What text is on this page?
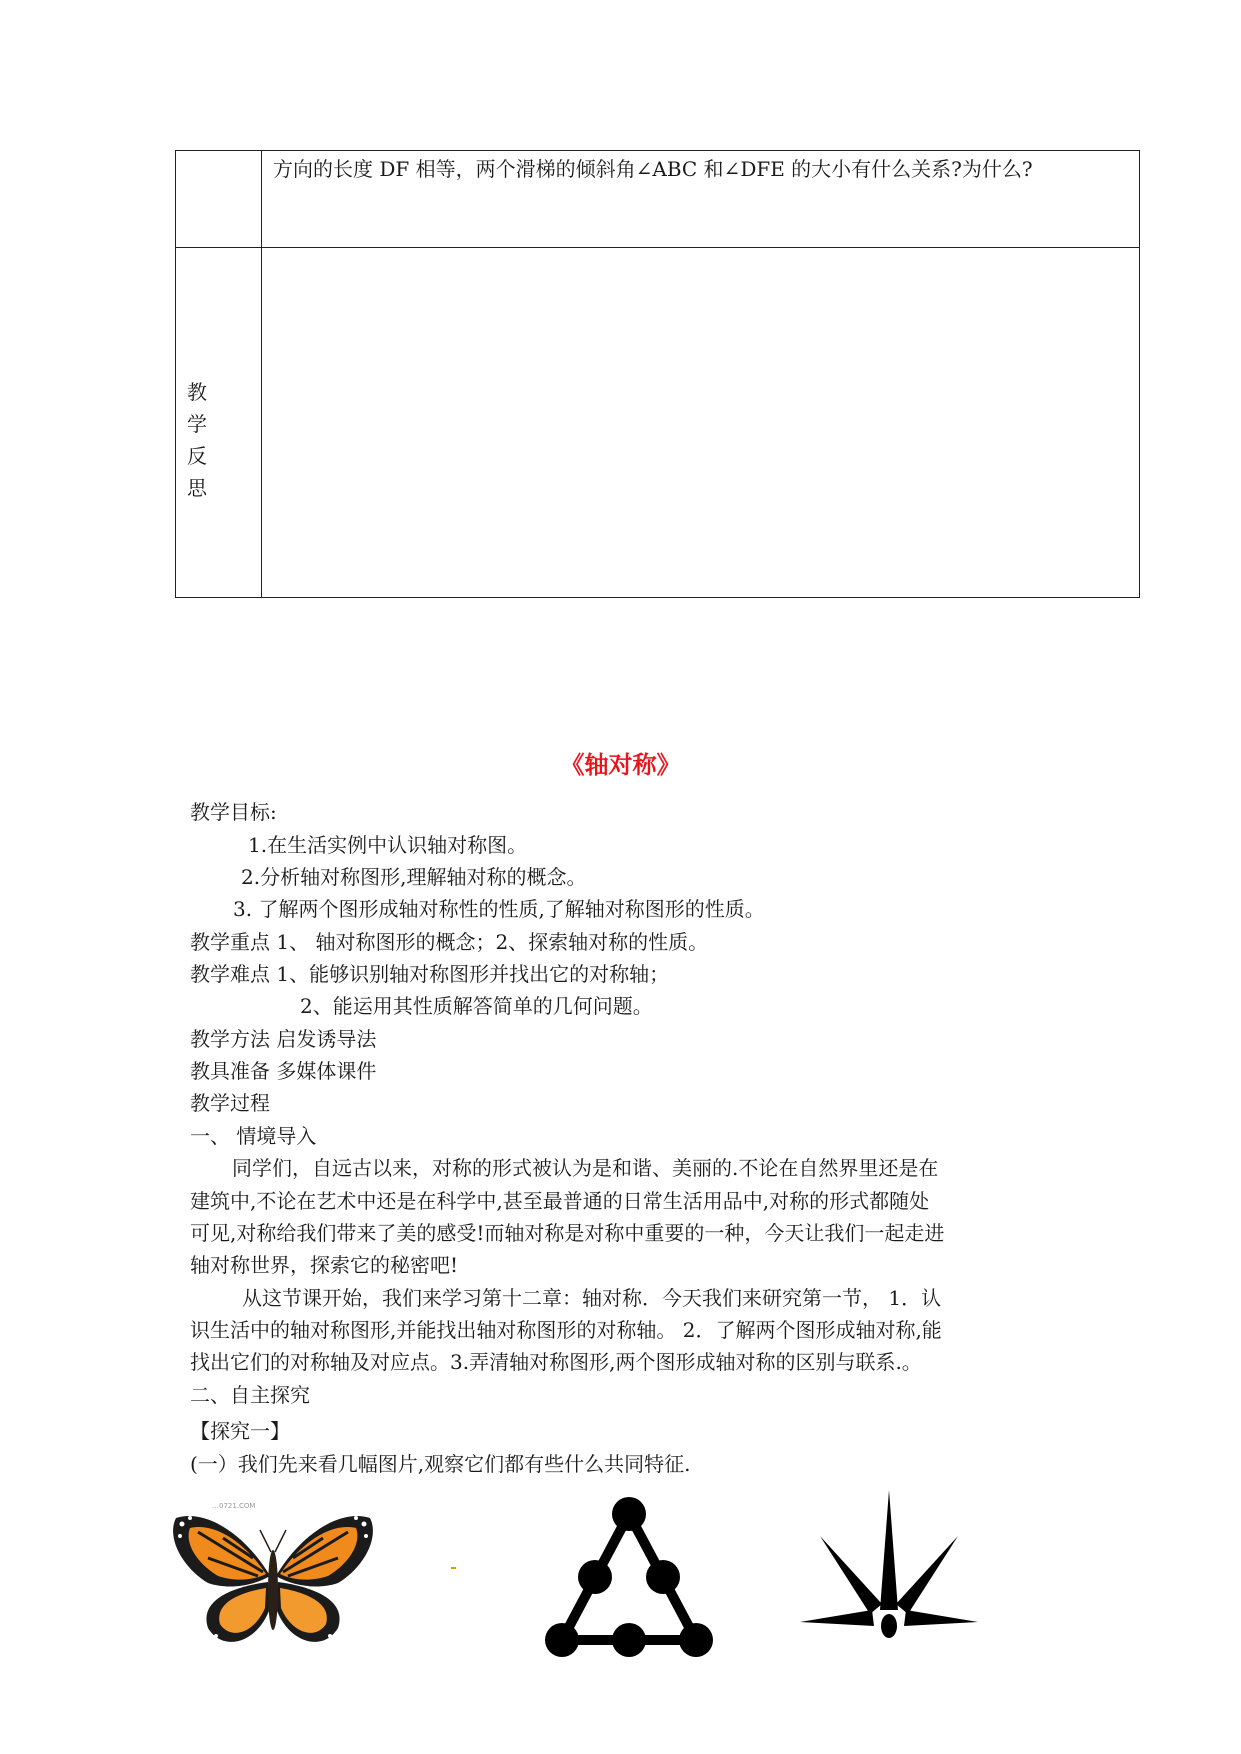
方向的长度 DF 相等，两个滑梯的倾斜角∠ABC 和∠DFE 的大小有什么关系?为什么?
教
学
反
思
《轴对称》
教学目标:
1.在生活实例中认识轴对称图。
2.分析轴对称图形,理解轴对称的概念。
3. 了解两个图形成轴对称性的性质,了解轴对称图形的性质。
教学重点 1、 轴对称图形的概念；2、探索轴对称的性质。
教学难点 1、能够识别轴对称图形并找出它的对称轴；
2、能运用其性质解答简单的几何问题。
教学方法 启发诱导法
教具准备 多媒体课件
教学过程
一、 情境导入
同学们，自远古以来，对称的形式被认为是和谐、美丽的.不论在自然界里还是在
建筑中,不论在艺术中还是在科学中,甚至最普通的日常生活用品中,对称的形式都随处
可见,对称给我们带来了美的感受!而轴对称是对称中重要的一种，今天让我们一起走进
轴对称世界，探索它的秘密吧!
从这节课开始，我们来学习第十二章：轴对称．今天我们来研究第一节， 1．认
识生活中的轴对称图形,并能找出轴对称图形的对称轴。 2．了解两个图形成轴对称,能
找出它们的对称轴及对应点。3.弄清轴对称图形,两个图形成轴对称的区别与联系.。
二、自主探究
【探究一】
(一）我们先来看几幅图片,观察它们都有些什么共同特征.
…0721.COM
